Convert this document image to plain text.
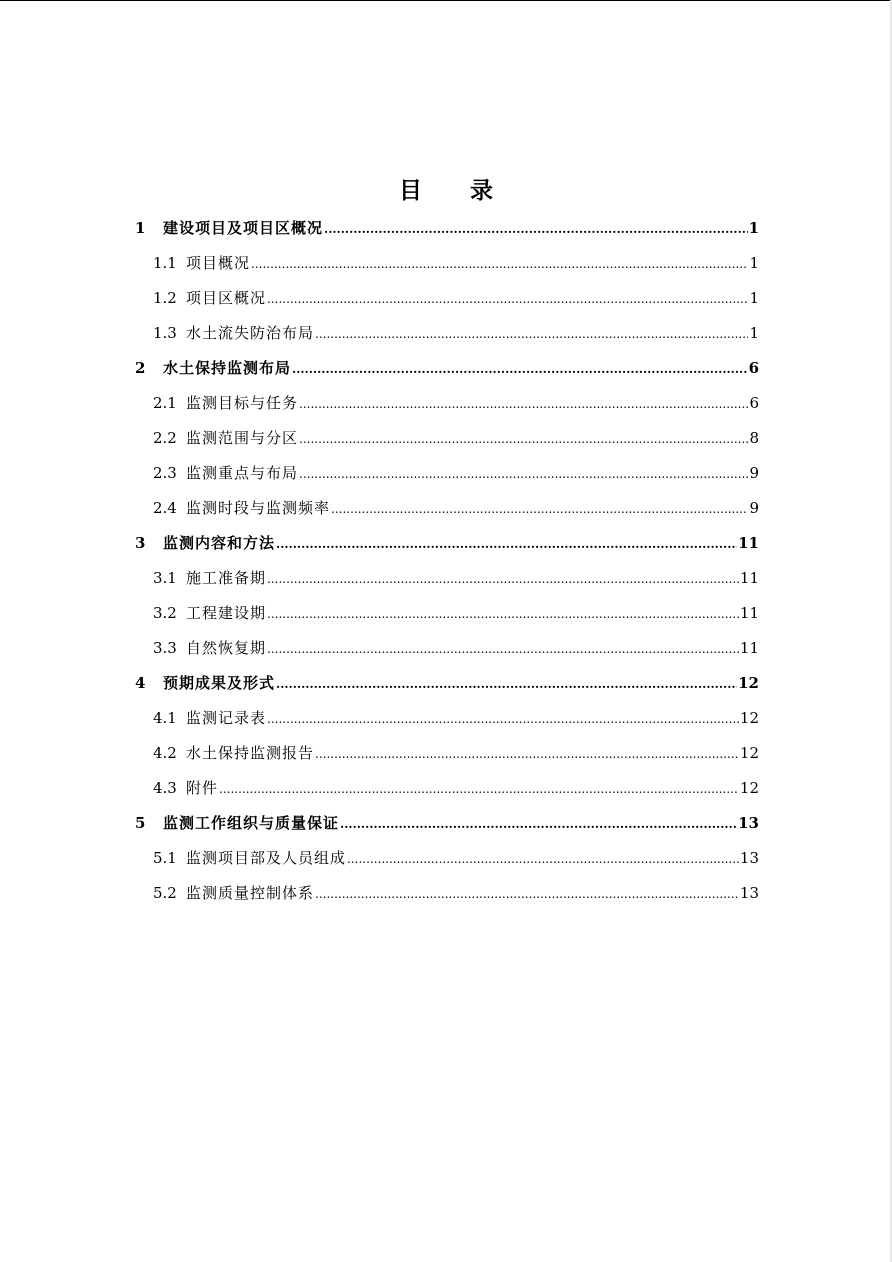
目 录
1	建设项目及项目区概况 .....	1
1.1 项目概况 .....	1
1.2 项目区概况 .....	1
1.3 水土流失防治布局 .....	1
2	水土保持监测布局 .....	6
2.1 监测目标与任务 .....	6
2.2 监测范围与分区 .....	8
2.3 监测重点与布局 .....	9
2.4 监测时段与监测频率 .....	9
3	监测内容和方法 .....	11
3.1 施工准备期 .....	11
3.2 工程建设期 .....	11
3.3 自然恢复期 .....	11
4	预期成果及形式 .....	12
4.1 监测记录表 .....	12
4.2 水土保持监测报告 .....	12
4.3 附件 .....	12
5	监测工作组织与质量保证 .....	13
5.1 监测项目部及人员组成 .....	13
5.2 监测质量控制体系 .....	13
